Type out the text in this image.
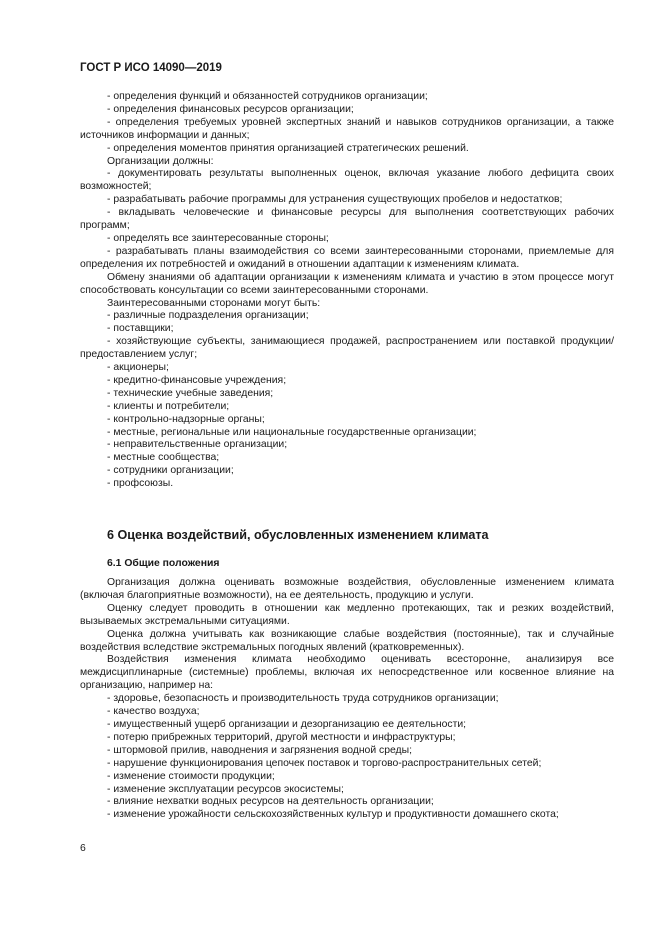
ГОСТ Р ИСО 14090—2019

- определения функций и обязанностей сотрудников организации;

- определения финансовых ресурсов организации;

- определения требуемых уровней экспертных знаний и навыков сотрудников организации, а также источников информации и данных;

- определения моментов принятия организацией стратегических решений.

Организации должны:

- документировать результаты выполненных оценок, включая указание любого дефицита своих возможностей;

- разрабатывать рабочие программы для устранения существующих пробелов и недостатков;

- вкладывать человеческие и финансовые ресурсы для выполнения соответствующих рабочих программ;

- определять все заинтересованные стороны;

- разрабатывать планы взаимодействия со всеми заинтересованными сторонами, приемлемые для определения их потребностей и ожиданий в отношении адаптации к изменениям климата.

Обмену знаниями об адаптации организации к изменениям климата и участию в этом процессе могут способствовать консультации со всеми заинтересованными сторонами.

Заинтересованными сторонами могут быть:

- различные подразделения организации;

- поставщики;

- хозяйствующие субъекты, занимающиеся продажей, распространением или поставкой продукции/предоставлением услуг;

- акционеры;

- кредитно-финансовые учреждения;

- технические учебные заведения;

- клиенты и потребители;

- контрольно-надзорные органы;

- местные, региональные или национальные государственные организации;

- неправительственные организации;

- местные сообщества;

- сотрудники организации;

- профсоюзы.

6 Оценка воздействий, обусловленных изменением климата
6.1 Общие положения

Организация должна оценивать возможные воздействия, обусловленные изменением климата (включая благоприятные возможности), на ее деятельность, продукцию и услуги.

Оценку следует проводить в отношении как медленно протекающих, так и резких воздействий, вызываемых экстремальными ситуациями.

Оценка должна учитывать как возникающие слабые воздействия (постоянные), так и случайные воздействия вследствие экстремальных погодных явлений (кратковременных).

Воздействия изменения климата необходимо оценивать всесторонне, анализируя все междисциплинарные (системные) проблемы, включая их непосредственное или косвенное влияние на организацию, например на:

- здоровье, безопасность и производительность труда сотрудников организации;

- качество воздуха;

- имущественный ущерб организации и дезорганизацию ее деятельности;

- потерю прибрежных территорий, другой местности и инфраструктуры;

- штормовой прилив, наводнения и загрязнения водной среды;

- нарушение функционирования цепочек поставок и торгово-распространительных сетей;

- изменение стоимости продукции;

- изменение эксплуатации ресурсов экосистемы;

- влияние нехватки водных ресурсов на деятельность организации;

- изменение урожайности сельскохозяйственных культур и продуктивности домашнего скота;

6
